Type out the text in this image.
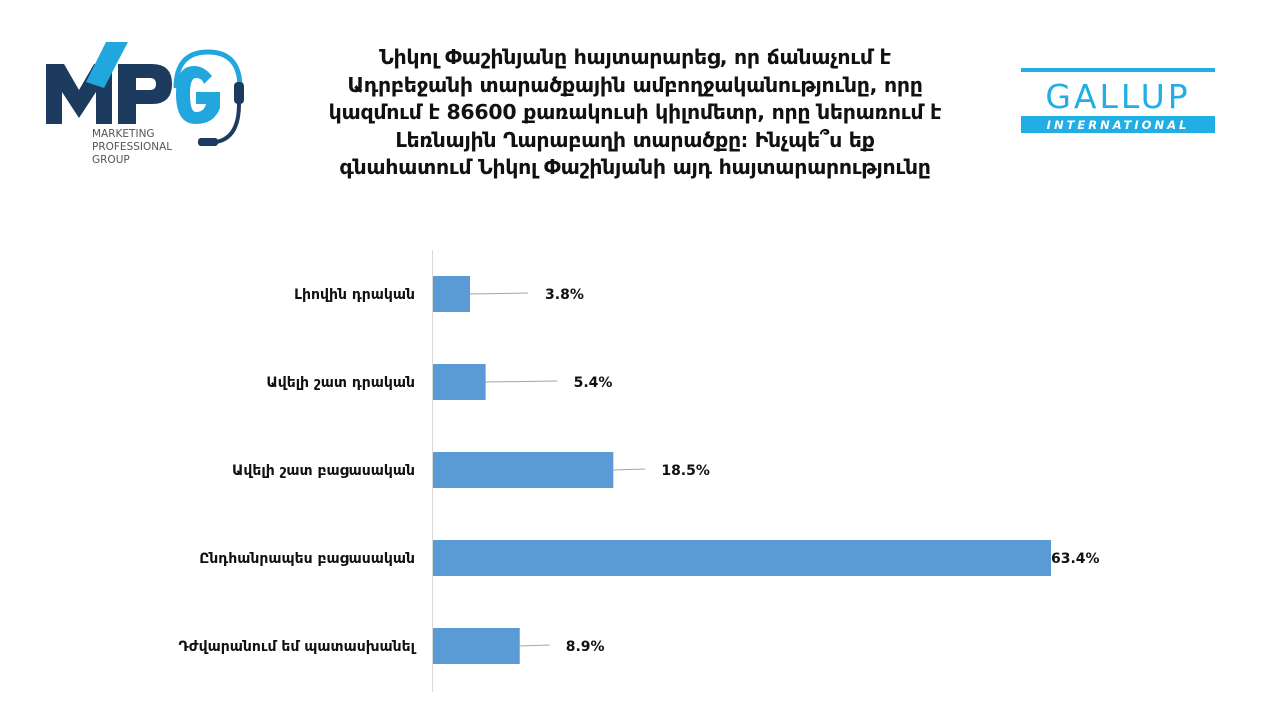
MARKETING
PROFESSIONAL
GROUP
Նիկոլ Փաշինյանը հայտարարեց, որ ճանաչում է
Ադրբեջանի տարածքային ամբողջականությունը, որը
կազմում է 86600 քառակուսի կիլոմետր, որը ներառում է
Լեռնային Ղարաբաղի տարածքը։ Ինչպե՞ս եք
գնահատում Նիկոլ Փաշինյանի այդ հայտարարությունը
GALLUP
INTERNATIONAL
Լիովին դրական	3.8%
Ավելի շատ դրական	5.4%
Ավելի շատ բացասական	18.5%
Ընդհանրապես բացասական	63.4%
Դժվարանում եմ պատասխանել	8.9%
